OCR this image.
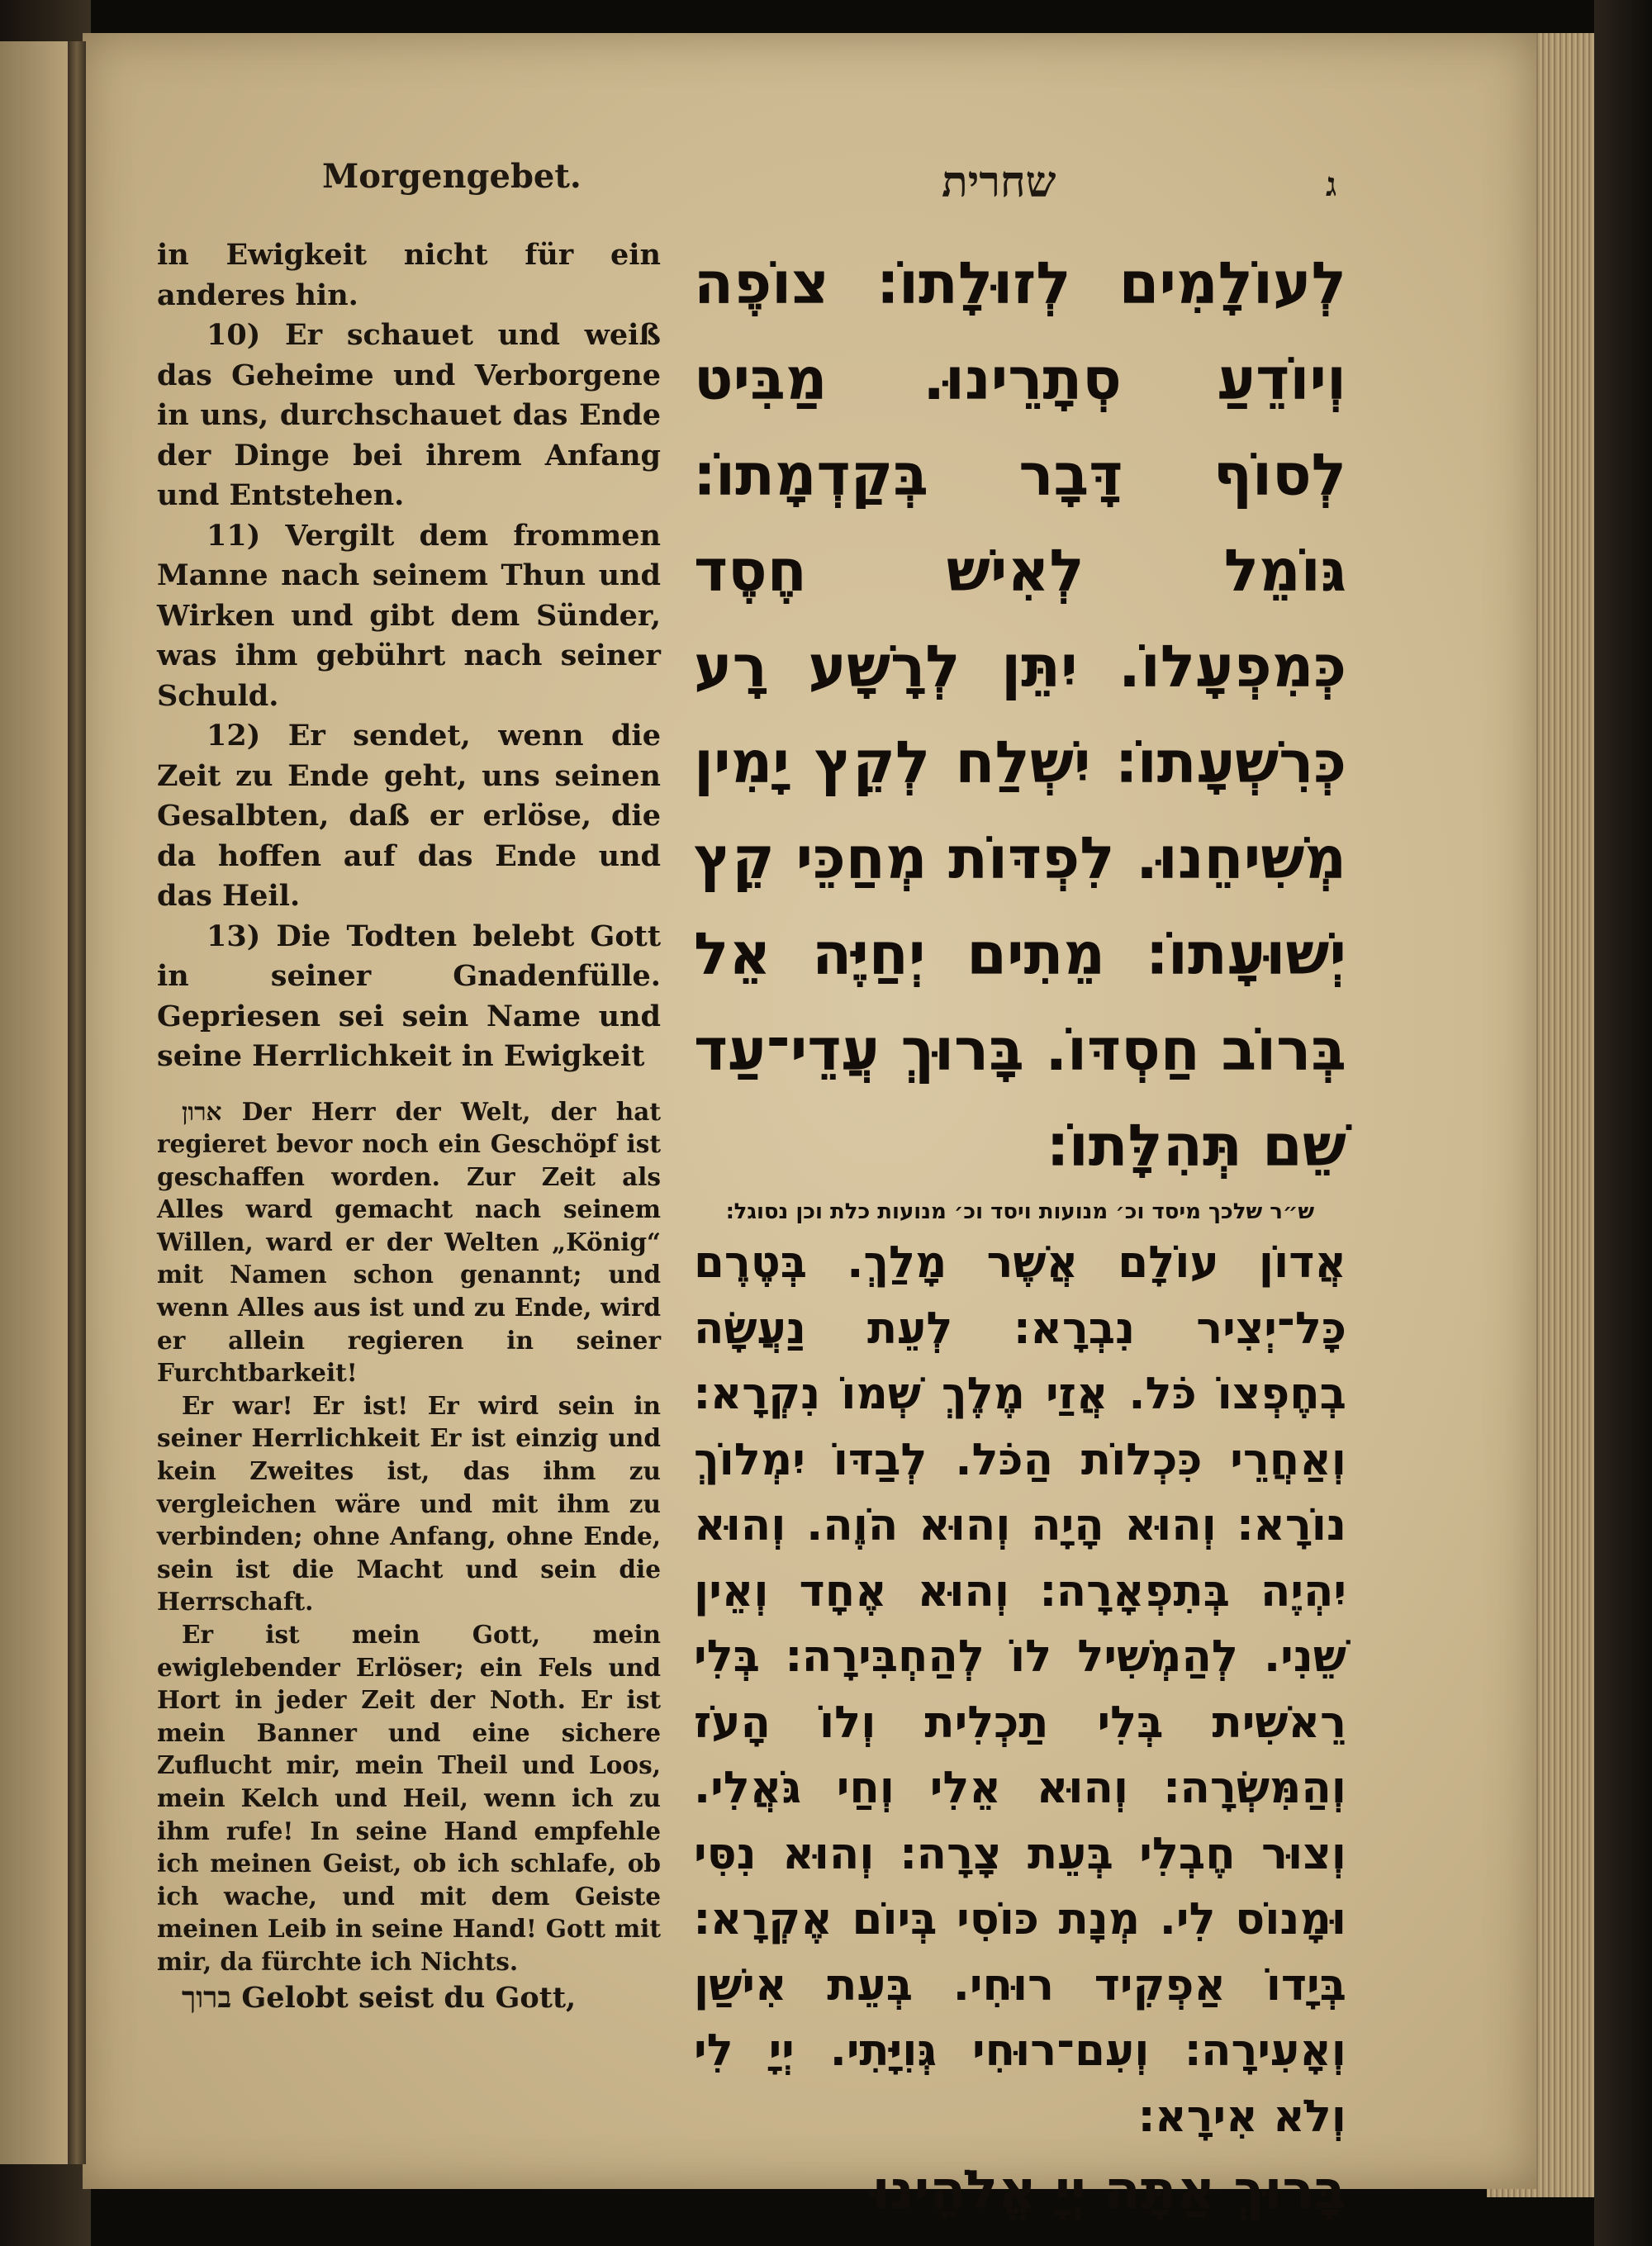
Morgengebet.	שחרית	ג

in Ewigkeit nicht für ein anderes hin.

10) Er schauet und weiß das Geheime und Verborgene in uns, durchschauet das Ende der Dinge bei ihrem Anfang und Entstehen.

11) Vergilt dem frommen Manne nach seinem Thun und Wirken und gibt dem Sünder, was ihm gebührt nach seiner Schuld.

12) Er sendet, wenn die Zeit zu Ende geht, uns seinen Gesalbten, daß er erlöse, die da hoffen auf das Ende und das Heil.

13) Die Todten belebt Gott in seiner Gnadenfülle. Gepriesen sei sein Name und seine Herrlichkeit in Ewigkeit

ארון Der Herr der Welt, der hat regieret bevor noch ein Geschöpf ist geschaffen worden. Zur Zeit als Alles ward gemacht nach seinem Willen, ward er der Welten „König“ mit Namen schon genannt; und wenn Alles aus ist und zu Ende, wird er allein regieren in seiner Furchtbarkeit!

Er war! Er ist! Er wird sein in seiner Herrlichkeit Er ist einzig und kein Zweites ist, das ihm zu vergleichen wäre und mit ihm zu verbinden; ohne Anfang, ohne Ende, sein ist die Macht und sein die Herrschaft.

Er ist mein Gott, mein ewiglebender Erlöser; ein Fels und Hort in jeder Zeit der Noth. Er ist mein Banner und eine sichere Zuflucht mir, mein Theil und Loos, mein Kelch und Heil, wenn ich zu ihm rufe! In seine Hand empfehle ich meinen Geist, ob ich schlafe, ob ich wache, und mit dem Geiste meinen Leib in seine Hand! Gott mit mir, da fürchte ich Nichts.

ברוך Gelobt seist du Gott,

לְעוֹלָמִים לְזוּלָתוֹ׃ צוֹפֶה וְיוֹדֵעַ סְתָרֵינוּ. מַבִּיט לְסוֹף דָּבָר בְּקַדְמָתוֹ׃ גּוֹמֵל לְאִישׁ חֶסֶד כְּמִפְעָלוֹ. יִתֵּן לְרָשָׁע רָע כְּרִשְׁעָתוֹ׃ יִשְׁלַח לְקֵץ יָמִין מְשִׁיחֵנוּ. לִפְדּוֹת מְחַכֵּי קֵץ יְשׁוּעָתוֹ׃ מֵתִים יְחַיֶּה אֵל בְּרוֹב חַסְדּוֹ. בָּרוּךְ עֲדֵי־עַד שֵׁם תְּהִלָּתוֹ׃

ש״ר שלכך מיסד וכ׳ מנועות ויסד וכ׳ מנועות כלת וכן נסוגל׃

אֲדוֹן עוֹלָם אֲשֶׁר מָלַךְ. בְּטֶרֶם כָּל־יְצִיר נִבְרָא׃ לְעֵת נַעֲשָׂה בְחֶפְצוֹ כֹּל. אֲזַי מֶלֶךְ שְׁמוֹ נִקְרָא׃ וְאַחֲרֵי כִּכְלוֹת הַכֹּל. לְבַדּוֹ יִמְלוֹךְ נוֹרָא׃ וְהוּא הָיָה וְהוּא הֹוֶה. וְהוּא יִהְיֶה בְּתִפְאָרָה׃ וְהוּא אֶחָד וְאֵין שֵׁנִי. לְהַמְשִׁיל לוֹ לְהַחְבִּירָה׃ בְּלִי רֵאשִׁית בְּלִי תַכְלִית וְלוֹ הָעֹז וְהַמִּשְׂרָה׃ וְהוּא אֵלִי וְחַי גֹּאֲלִי. וְצוּר חֶבְלִי בְּעֵת צָרָה׃ וְהוּא נִסִּי וּמָנוֹס לִי. מְנָת כּוֹסִי בְּיוֹם אֶקְרָא׃ בְּיָדוֹ אַפְקִיד רוּחִי. בְּעֵת אִישַׁן וְאָעִירָה׃ וְעִם־רוּחִי גְּוִיָּתִי. יְיָ לִי וְלֹא אִירָא׃

בָּרוּךְ אַתָּה יְיָ אֱלֹהֵינוּ
